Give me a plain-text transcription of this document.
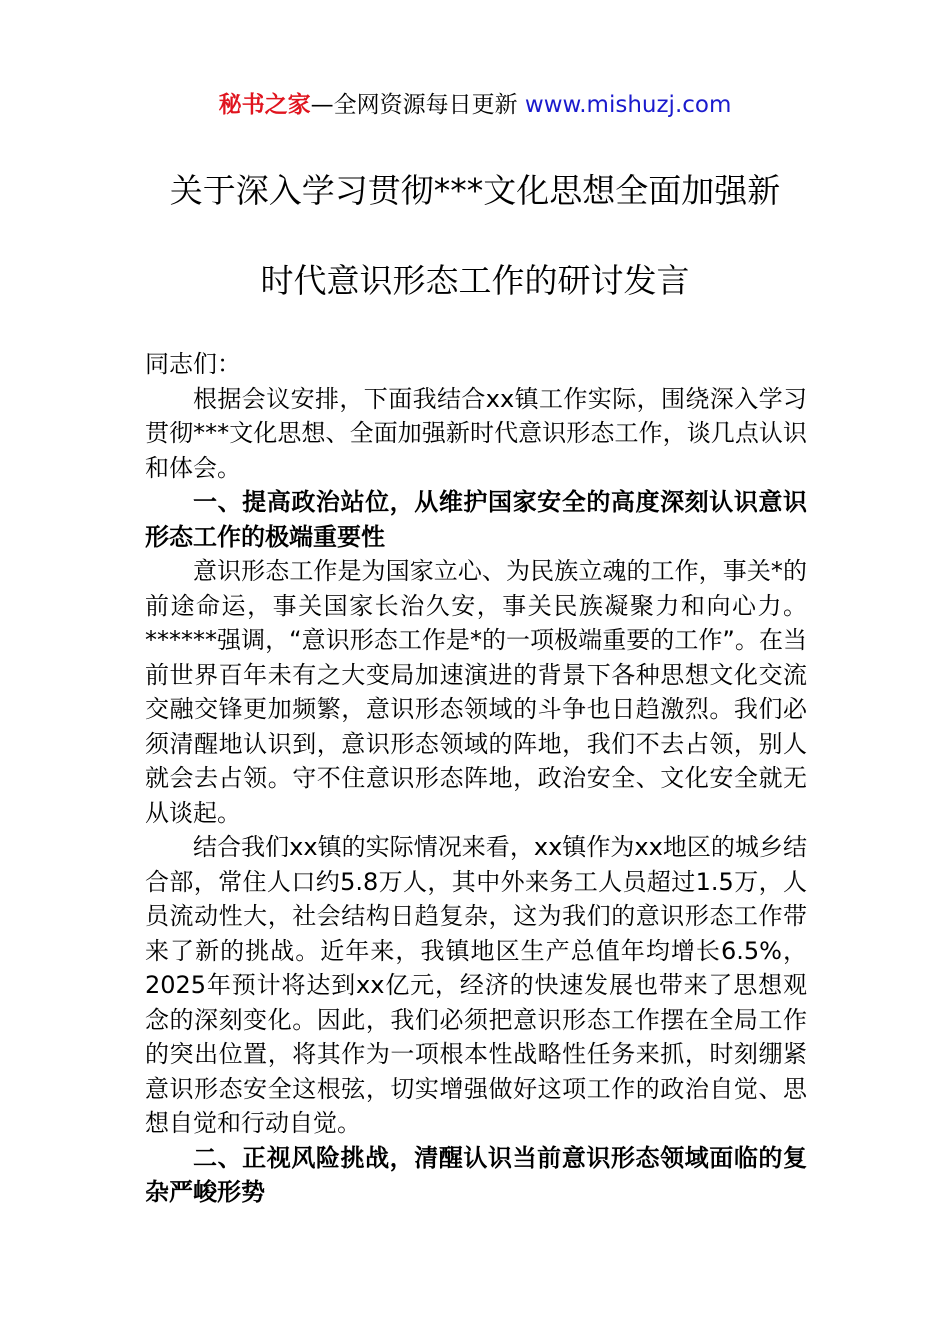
秘书之家—全网资源每日更新 www.mishuzj.com
关于深入学习贯彻***文化思想全面加强新
时代意识形态工作的研讨发言

同志们：

根据会议安排，下面我结合xx镇工作实际，围绕深入学习贯彻***文化思想、全面加强新时代意识形态工作，谈几点认识和体会。

一、提高政治站位，从维护国家安全的高度深刻认识意识形态工作的极端重要性

意识形态工作是为国家立心、为民族立魂的工作，事关*的前途命运，事关国家长治久安，事关民族凝聚力和向心力。******强调，“意识形态工作是*的一项极端重要的工作”。在当前世界百年未有之大变局加速演进的背景下各种思想文化交流交融交锋更加频繁，意识形态领域的斗争也日趋激烈。我们必须清醒地认识到，意识形态领域的阵地，我们不去占领，别人就会去占领。守不住意识形态阵地，政治安全、文化安全就无从谈起。

结合我们xx镇的实际情况来看，xx镇作为xx地区的城乡结合部，常住人口约5.8万人，其中外来务工人员超过1.5万，人员流动性大，社会结构日趋复杂，这为我们的意识形态工作带来了新的挑战。近年来，我镇地区生产总值年均增长6.5%，2025年预计将达到xx亿元，经济的快速发展也带来了思想观念的深刻变化。因此，我们必须把意识形态工作摆在全局工作的突出位置，将其作为一项根本性战略性任务来抓，时刻绷紧意识形态安全这根弦，切实增强做好这项工作的政治自觉、思想自觉和行动自觉。

二、正视风险挑战，清醒认识当前意识形态领域面临的复杂严峻形势
